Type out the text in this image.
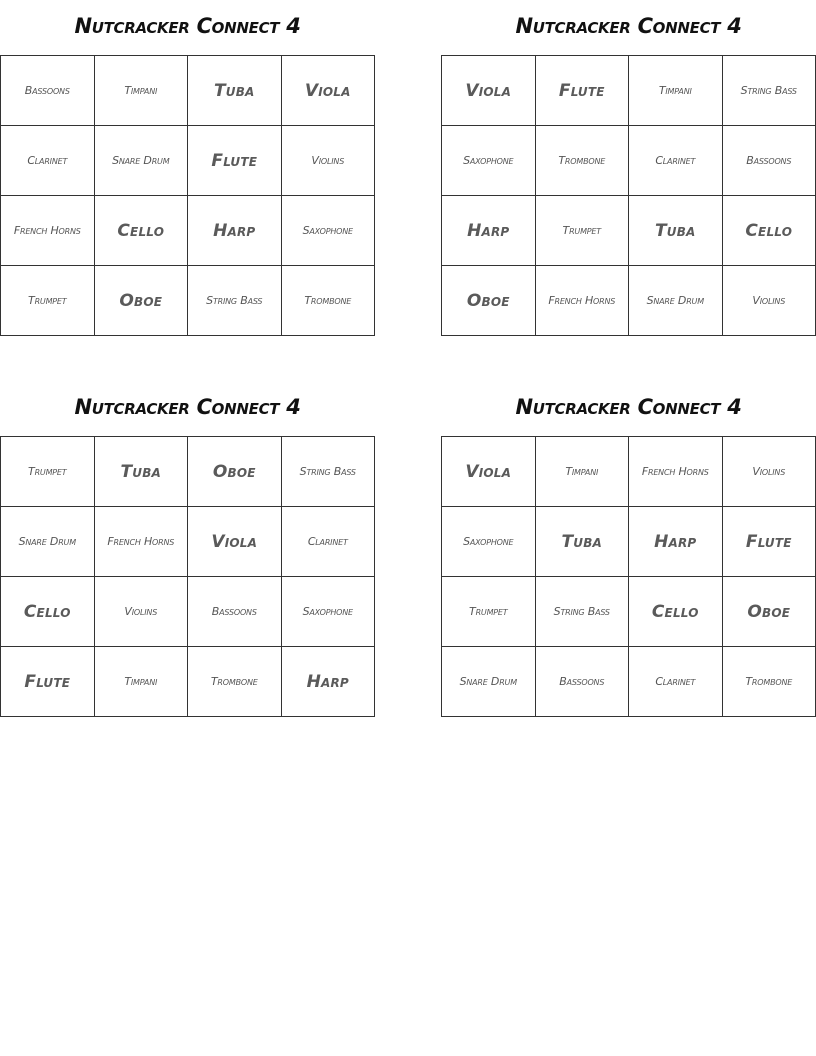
Nutcracker Connect 4
Bassoons	Timpani	Tuba	Viola
Clarinet	Snare Drum	Flute	Violins
French Horns	Cello	Harp	Saxophone
Trumpet	Oboe	String Bass	Trombone
Nutcracker Connect 4
Viola	Flute	Timpani	String Bass
Saxophone	Trombone	Clarinet	Bassoons
Harp	Trumpet	Tuba	Cello
Oboe	French Horns	Snare Drum	Violins
Nutcracker Connect 4
Trumpet	Tuba	Oboe	String Bass
Snare Drum	French Horns	Viola	Clarinet
Cello	Violins	Bassoons	Saxophone
Flute	Timpani	Trombone	Harp
Nutcracker Connect 4
Viola	Timpani	French Horns	Violins
Saxophone	Tuba	Harp	Flute
Trumpet	String Bass	Cello	Oboe
Snare Drum	Bassoons	Clarinet	Trombone
